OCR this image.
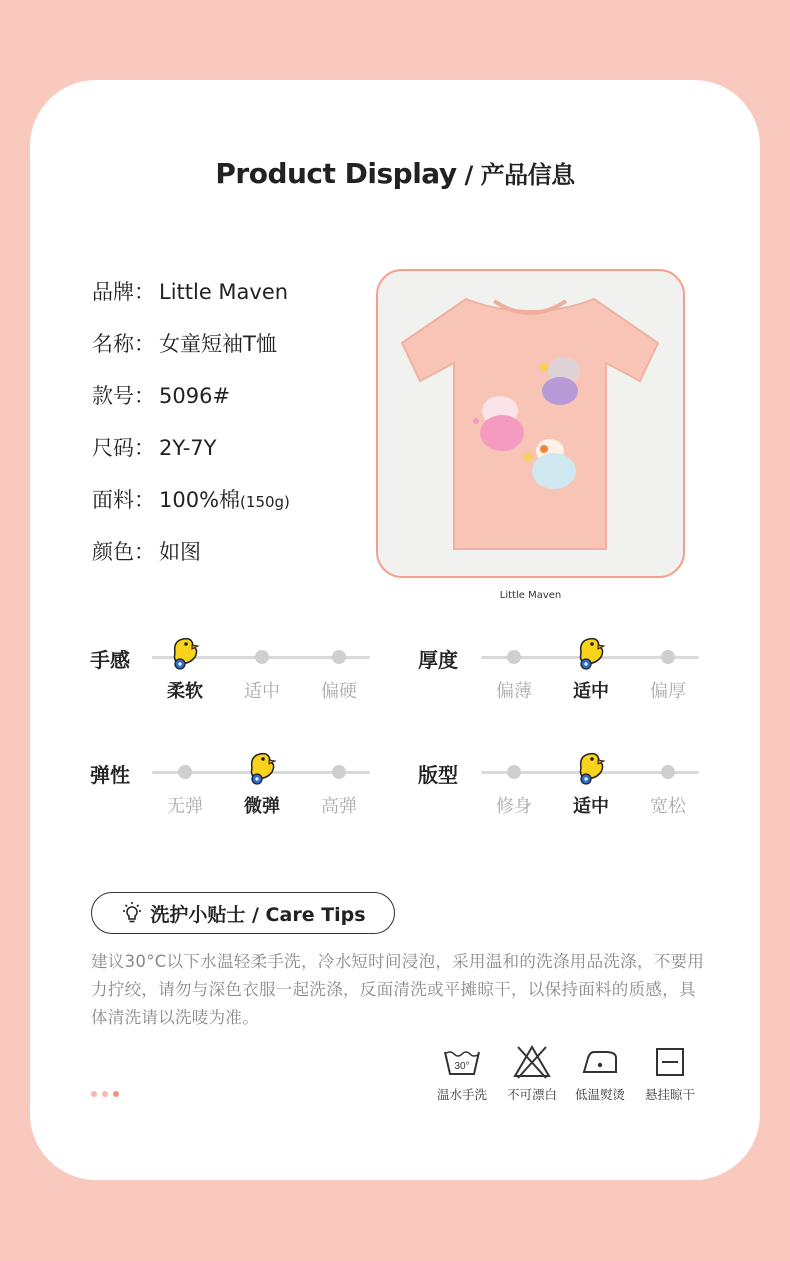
Product Display / 产品信息
品牌： Little Maven
名称： 女童短袖T恤
款号： 5096#
尺码： 2Y-7Y
面料： 100%棉(150g)
颜色： 如图
Little Maven
手感
柔软	适中	偏硬
厚度
偏薄	适中	偏厚
弹性
无弹	微弹	高弹
版型
修身	适中	宽松
洗护小贴士 / Care Tips
建议30°C以下水温轻柔手洗，冷水短时间浸泡，采用温和的洗涤用品洗涤，不要用力拧绞，请勿与深色衣服一起洗涤，反面清洗或平摊晾干，以保持面料的质感，具体清洗请以洗唛为准。
30°
温水手洗	不可漂白	低温熨烫	悬挂晾干
